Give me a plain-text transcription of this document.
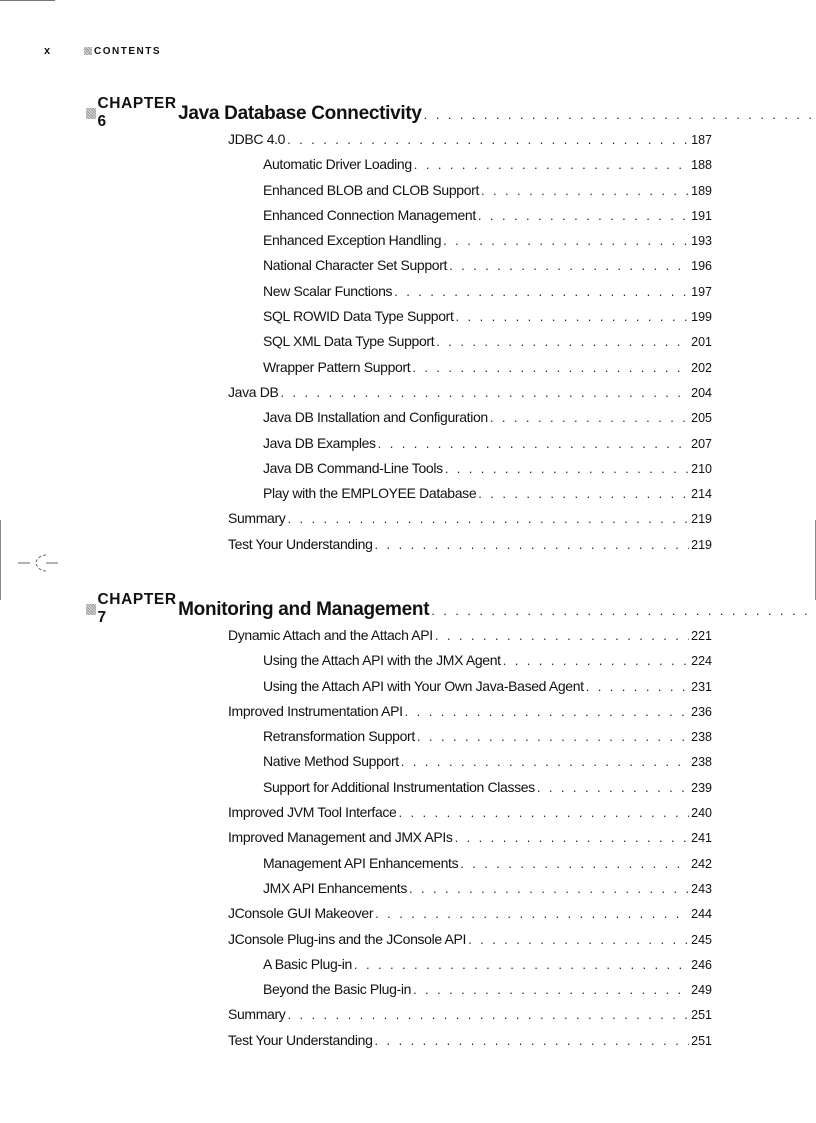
x	CONTENTS
CHAPTER 6	Java Database Connectivity
. . .
JDBC 4.0 . . .	187
Automatic Driver Loading . . .	188
Enhanced BLOB and CLOB Support . . .	189
Enhanced Connection Management . . .	191
Enhanced Exception Handling . . .	193
National Character Set Support . . .	196
New Scalar Functions . . .	197
SQL ROWID Data Type Support . . .	199
SQL XML Data Type Support . . .	201
Wrapper Pattern Support . . .	202
Java DB . . .	204
Java DB Installation and Configuration . . .	205
Java DB Examples . . .	207
Java DB Command-Line Tools . . .	210
Play with the EMPLOYEE Database . . .	214
Summary . . .	219
Test Your Understanding . . .	219
CHAPTER 7	Monitoring and Management
. . .
Dynamic Attach and the Attach API . . .	221
Using the Attach API with the JMX Agent . . .	224
Using the Attach API with Your Own Java-Based Agent . . .	231
Improved Instrumentation API . . .	236
Retransformation Support . . .	238
Native Method Support . . .	238
Support for Additional Instrumentation Classes . . .	239
Improved JVM Tool Interface . . .	240
Improved Management and JMX APIs . . .	241
Management API Enhancements . . .	242
JMX API Enhancements . . .	243
JConsole GUI Makeover . . .	244
JConsole Plug-ins and the JConsole API . . .	245
A Basic Plug-in . . .	246
Beyond the Basic Plug-in . . .	249
Summary . . .	251
Test Your Understanding . . .	251
